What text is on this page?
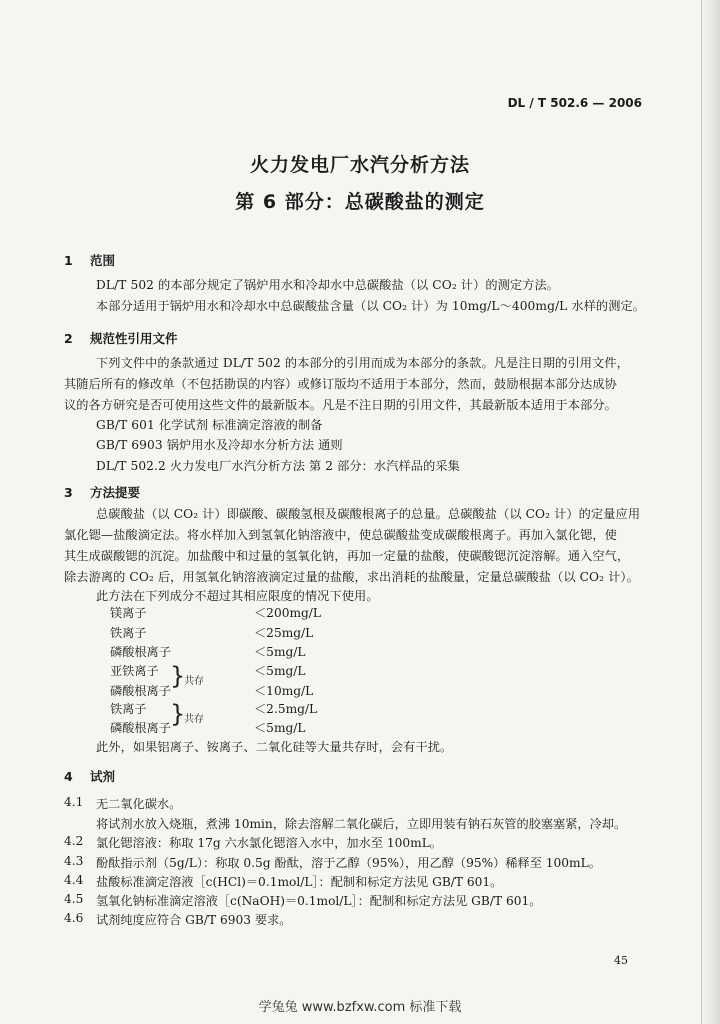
DL / T 502.6 — 2006
火力发电厂水汽分析方法
第 6 部分：总碳酸盐的测定
1 范围
DL/T 502 的本部分规定了锅炉用水和冷却水中总碳酸盐（以 CO₂ 计）的测定方法。
本部分适用于锅炉用水和冷却水中总碳酸盐含量（以 CO₂ 计）为 10mg/L～400mg/L 水样的测定。
2 规范性引用文件
下列文件中的条款通过 DL/T 502 的本部分的引用而成为本部分的条款。凡是注日期的引用文件，
其随后所有的修改单（不包括勘误的内容）或修订版均不适用于本部分，然而，鼓励根据本部分达成协
议的各方研究是否可使用这些文件的最新版本。凡是不注日期的引用文件，其最新版本适用于本部分。
GB/T 601 化学试剂 标准滴定溶液的制备
GB/T 6903 锅炉用水及冷却水分析方法 通则
DL/T 502.2 火力发电厂水汽分析方法 第 2 部分：水汽样品的采集
3 方法提要
总碳酸盐（以 CO₂ 计）即碳酸、碳酸氢根及碳酸根离子的总量。总碳酸盐（以 CO₂ 计）的定量应用
氯化锶—盐酸滴定法。将水样加入到氢氧化钠溶液中，使总碳酸盐变成碳酸根离子。再加入氯化锶，使
其生成碳酸锶的沉淀。加盐酸中和过量的氢氧化钠，再加一定量的盐酸，使碳酸锶沉淀溶解。通入空气，
除去游离的 CO₂ 后，用氢氧化钠溶液滴定过量的盐酸，求出消耗的盐酸量，定量总碳酸盐（以 CO₂ 计）。
此方法在下列成分不超过其相应限度的情况下使用。
镁离子	＜200mg/L
铁离子	＜25mg/L
磷酸根离子	＜5mg/L
亚铁离子	＜5mg/L
磷酸根离子	＜10mg/L
}
共存
铁离子	＜2.5mg/L
磷酸根离子	＜5mg/L
}
共存
此外，如果铝离子、铵离子、二氧化硅等大量共存时，会有干扰。
4 试剂
4.1 无二氧化碳水。
将试剂水放入烧瓶，煮沸 10min，除去溶解二氧化碳后，立即用装有钠石灰管的胶塞塞紧，冷却。
4.2 氯化锶溶液：称取 17g 六水氯化锶溶入水中，加水至 100mL。
4.3 酚酞指示剂（5g/L）：称取 0.5g 酚酞，溶于乙醇（95%），用乙醇（95%）稀释至 100mL。
4.4 盐酸标准滴定溶液［c(HCl)＝0.1mol/L］：配制和标定方法见 GB/T 601。
4.5 氢氧化钠标准滴定溶液［c(NaOH)＝0.1mol/L］：配制和标定方法见 GB/T 601。
4.6 试剂纯度应符合 GB/T 6903 要求。
45
学兔兔 www.bzfxw.com 标准下载
